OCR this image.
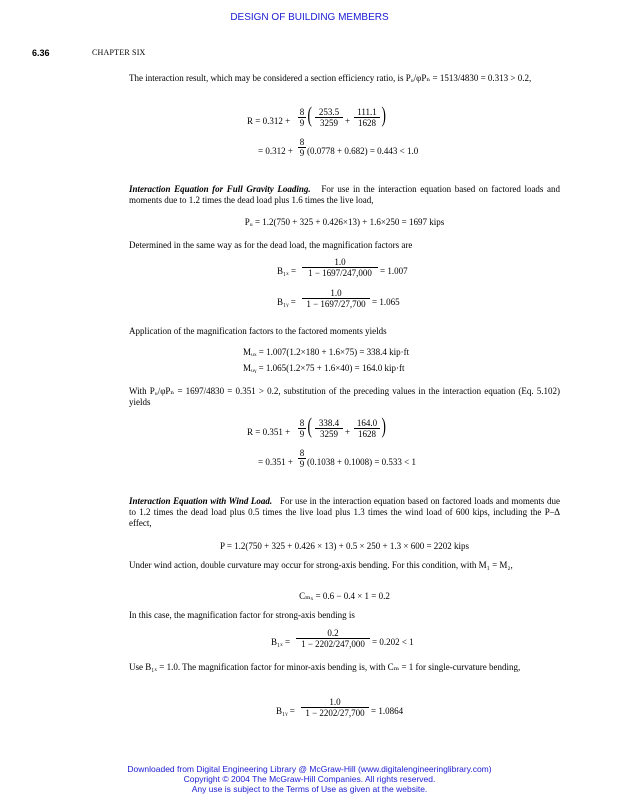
DESIGN OF BUILDING MEMBERS
6.36	CHAPTER SIX

The interaction result, which may be considered a section efficiency ratio, is Pᵤ/φPₙ = 1513/4830 = 0.313 > 0.2,

R = 0.312 +
8
9 ( 253.5
3259 +
111.1
1628 )
= 0.312 +
8
9 (0.0778 + 0.682) = 0.443 < 1.0

Interaction Equation for Full Gravity Loading. For use in the interaction equation based on factored loads and moments due to 1.2 times the dead load plus 1.6 times the live load,

Pᵤ = 1.2(750 + 325 + 0.426×13) + 1.6×250 = 1697 kips

Determined in the same way as for the dead load, the magnification factors are

B₁ₓ =
1.0
1 − 1697/247,000 = 1.007
B₁ᵧ =
1.0
1 − 1697/27,700 = 1.065

Application of the magnification factors to the factored moments yields

Mᵤₓ = 1.007(1.2×180 + 1.6×75) = 338.4 kip·ft
Mᵤᵧ = 1.065(1.2×75 + 1.6×40) = 164.0 kip·ft

With Pᵤ/φPₙ = 1697/4830 = 0.351 > 0.2, substitution of the preceding values in the interaction equation (Eq. 5.102) yields

R = 0.351 +
8
9 ( 338.4
3259 +
164.0
1628 )
= 0.351 +
8
9 (0.1038 + 0.1008) = 0.533 < 1

Interaction Equation with Wind Load. For use in the interaction equation based on factored loads and moments due to 1.2 times the dead load plus 0.5 times the live load plus 1.3 times the wind load of 600 kips, including the P–Δ effect,

P = 1.2(750 + 325 + 0.426 × 13) + 0.5 × 250 + 1.3 × 600 = 2202 kips

Under wind action, double curvature may occur for strong-axis bending. For this condition, with M₁ = M₂,

Cₘₓ = 0.6 − 0.4 × 1 = 0.2

In this case, the magnification factor for strong-axis bending is

B₁ₓ =
0.2
1 − 2202/247,000 = 0.202 < 1

Use B₁ₓ = 1.0. The magnification factor for minor-axis bending is, with Cₘ = 1 for single-curvature bending,

B₁ᵧ =
1.0
1 − 2202/27,700 = 1.0864
Downloaded from Digital Engineering Library @ McGraw-Hill (www.digitalengineeringlibrary.com)
Copyright © 2004 The McGraw-Hill Companies. All rights reserved.
Any use is subject to the Terms of Use as given at the website.
